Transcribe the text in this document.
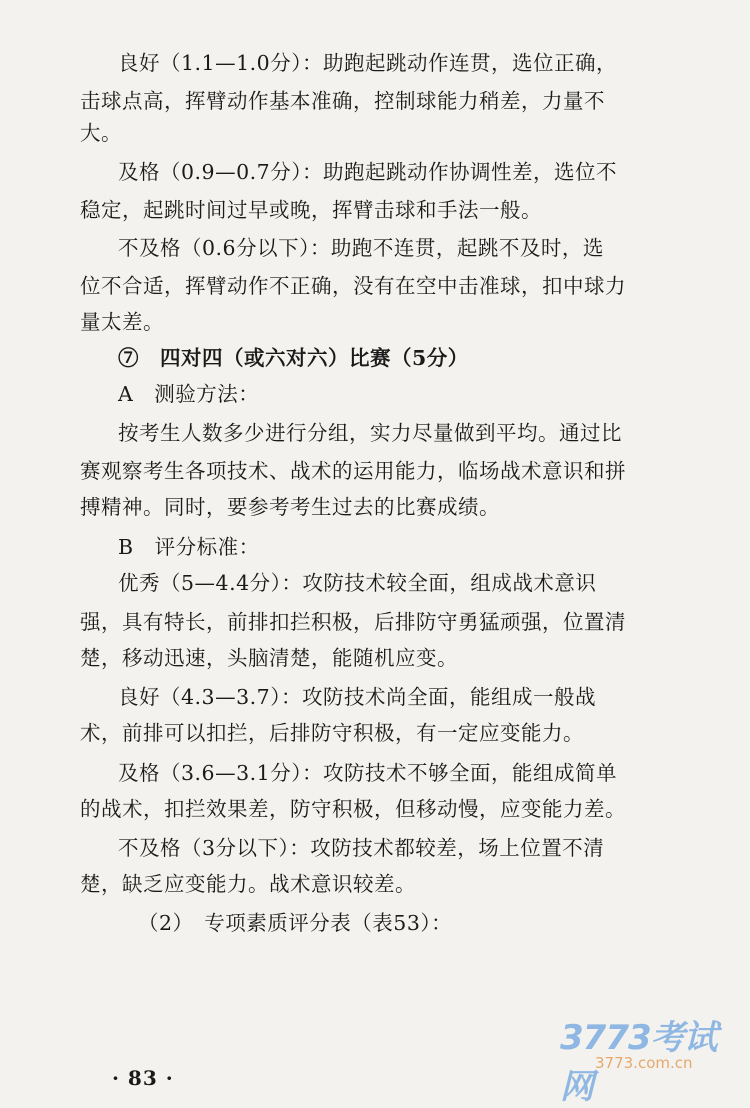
良好（1.1—1.0分）：助跑起跳动作连贯，选位正确，
击球点高，挥臂动作基本准确，控制球能力稍差，力量不
大。
及格（0.9—0.7分）：助跑起跳动作协调性差，选位不
稳定，起跳时间过早或晚，挥臂击球和手法一般。
不及格（0.6分以下）：助跑不连贯，起跳不及时，选
位不合适，挥臂动作不正确，没有在空中击准球，扣中球力
量太差。
⑦　四对四（或六对六）比赛（5分）
A　测验方法：
按考生人数多少进行分组，实力尽量做到平均。通过比
赛观察考生各项技术、战术的运用能力，临场战术意识和拼
搏精神。同时，要参考考生过去的比赛成绩。
B　评分标准：
优秀（5—4.4分）：攻防技术较全面，组成战术意识
强，具有特长，前排扣拦积极，后排防守勇猛顽强，位置清
楚，移动迅速，头脑清楚，能随机应变。
良好（4.3—3.7）：攻防技术尚全面，能组成一般战
术，前排可以扣拦，后排防守积极，有一定应变能力。
及格（3.6—3.1分）：攻防技术不够全面，能组成简单
的战术，扣拦效果差，防守积极，但移动慢，应变能力差。
不及格（3分以下）：攻防技术都较差，场上位置不清
楚，缺乏应变能力。战术意识较差。
（2）　专项素质评分表（表53）：
· 83 ·
3773考试网
3773.com.cn
